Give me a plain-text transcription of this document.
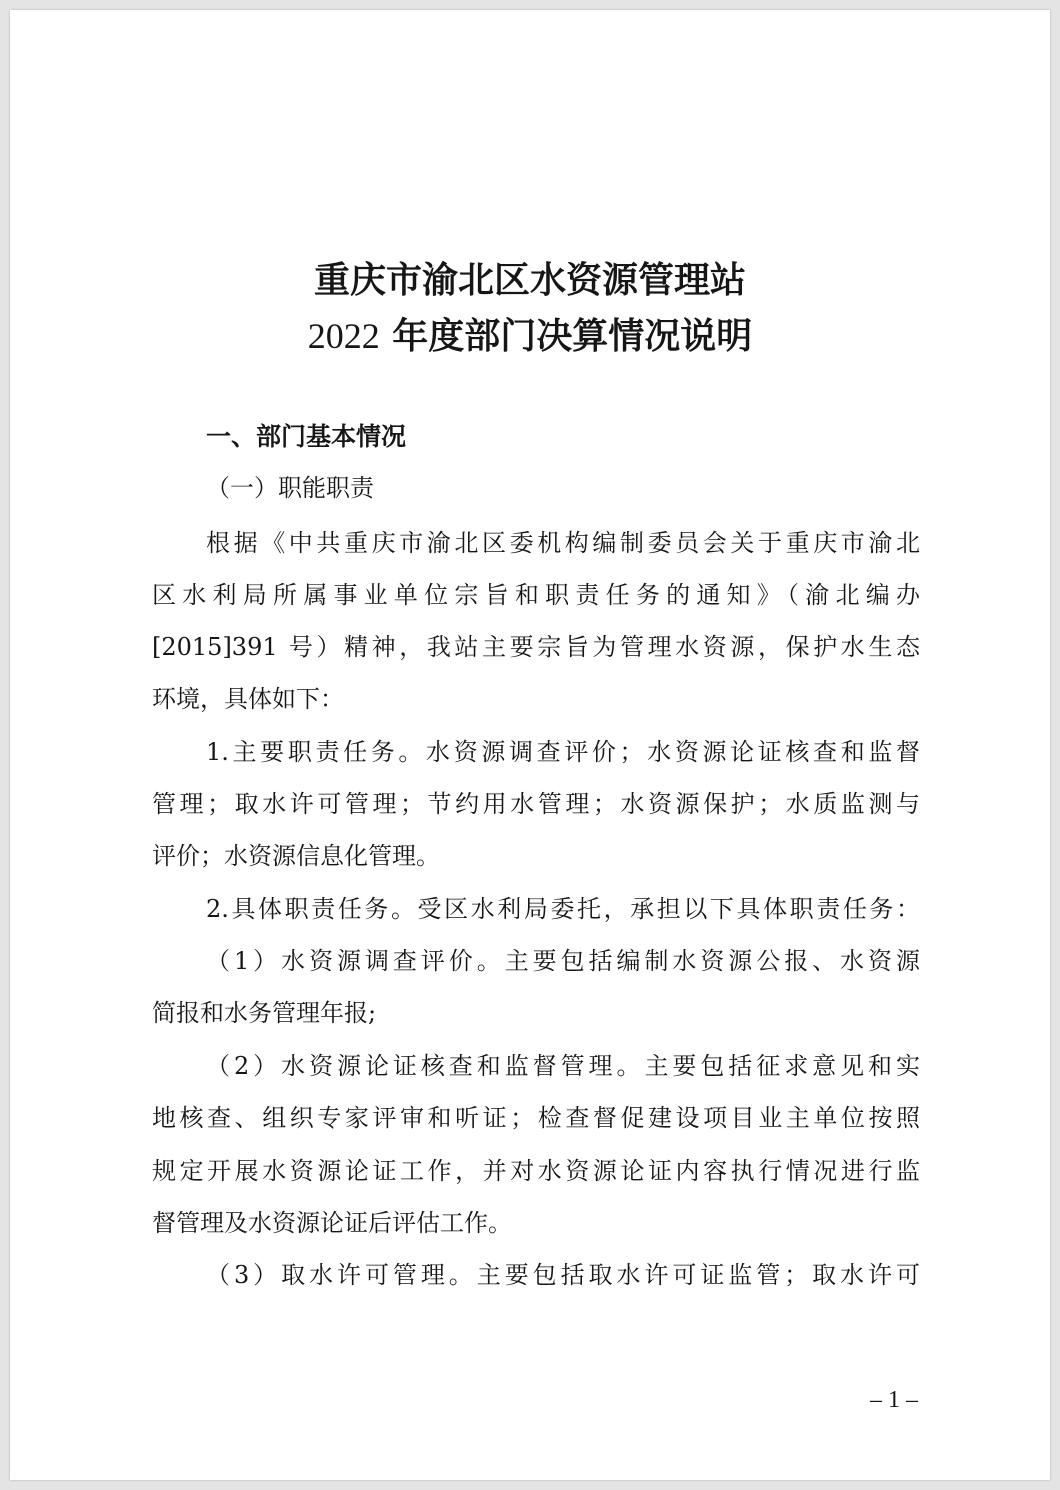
重庆市渝北区水资源管理站
2022 年度部门决算情况说明
一、部门基本情况
（一）职能职责
根据《中共重庆市渝北区委机构编制委员会关于重庆市渝北
区水利局所属事业单位宗旨和职责任务的通知》（渝北编办
[2015]391 号）精神，我站主要宗旨为管理水资源，保护水生态
环境，具体如下：
1.主要职责任务。水资源调查评价；水资源论证核查和监督
管理；取水许可管理；节约用水管理；水资源保护；水质监测与
评价；水资源信息化管理。
2.具体职责任务。受区水利局委托，承担以下具体职责任务：
（1）水资源调查评价。主要包括编制水资源公报、水资源
简报和水务管理年报;
（2）水资源论证核查和监督管理。主要包括征求意见和实
地核查、组织专家评审和听证；检查督促建设项目业主单位按照
规定开展水资源论证工作，并对水资源论证内容执行情况进行监
督管理及水资源论证后评估工作。
（3）取水许可管理。主要包括取水许可证监管；取水许可
– 1 –
